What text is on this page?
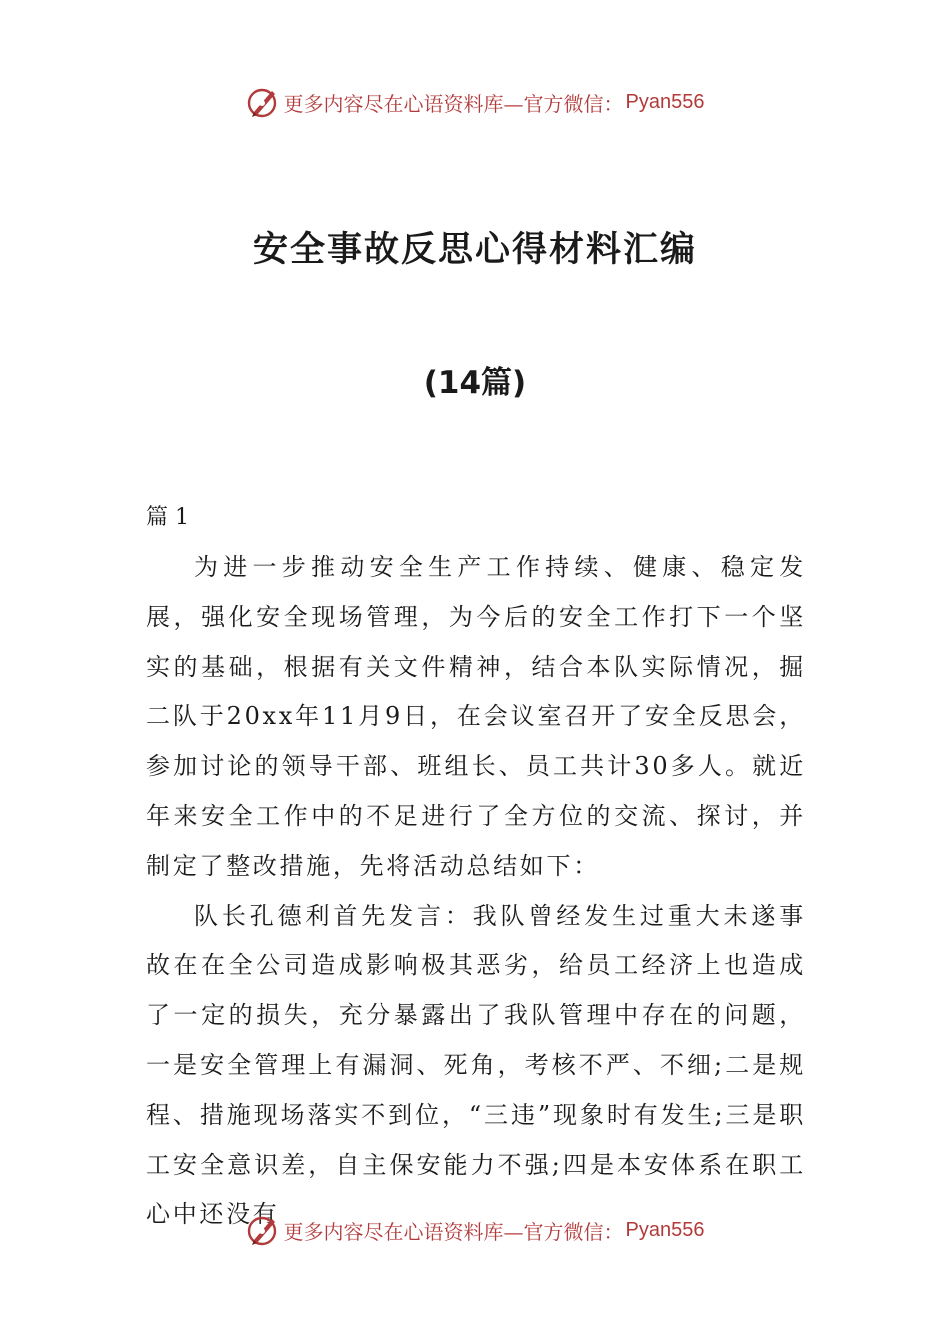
更多内容尽在心语资料库—官方微信： Pyan556
安全事故反思心得材料汇编
(14篇)
篇 1

为进一步推动安全生产工作持续、健康、稳定发展，强化安全现场管理，为今后的安全工作打下一个坚实的基础，根据有关文件精神，结合本队实际情况，掘二队于20xx年11月9日，在会议室召开了安全反思会，参加讨论的领导干部、班组长、员工共计30多人。就近年来安全工作中的不足进行了全方位的交流、探讨，并制定了整改措施，先将活动总结如下：

队长孔德利首先发言：我队曾经发生过重大未遂事故在在全公司造成影响极其恶劣，给员工经济上也造成了一定的损失，充分暴露出了我队管理中存在的问题，一是安全管理上有漏洞、死角，考核不严、不细;二是规程、措施现场落实不到位，“三违”现象时有发生;三是职工安全意识差，自主保安能力不强;四是本安体系在职工心中还没有

更多内容尽在心语资料库—官方微信： Pyan556
